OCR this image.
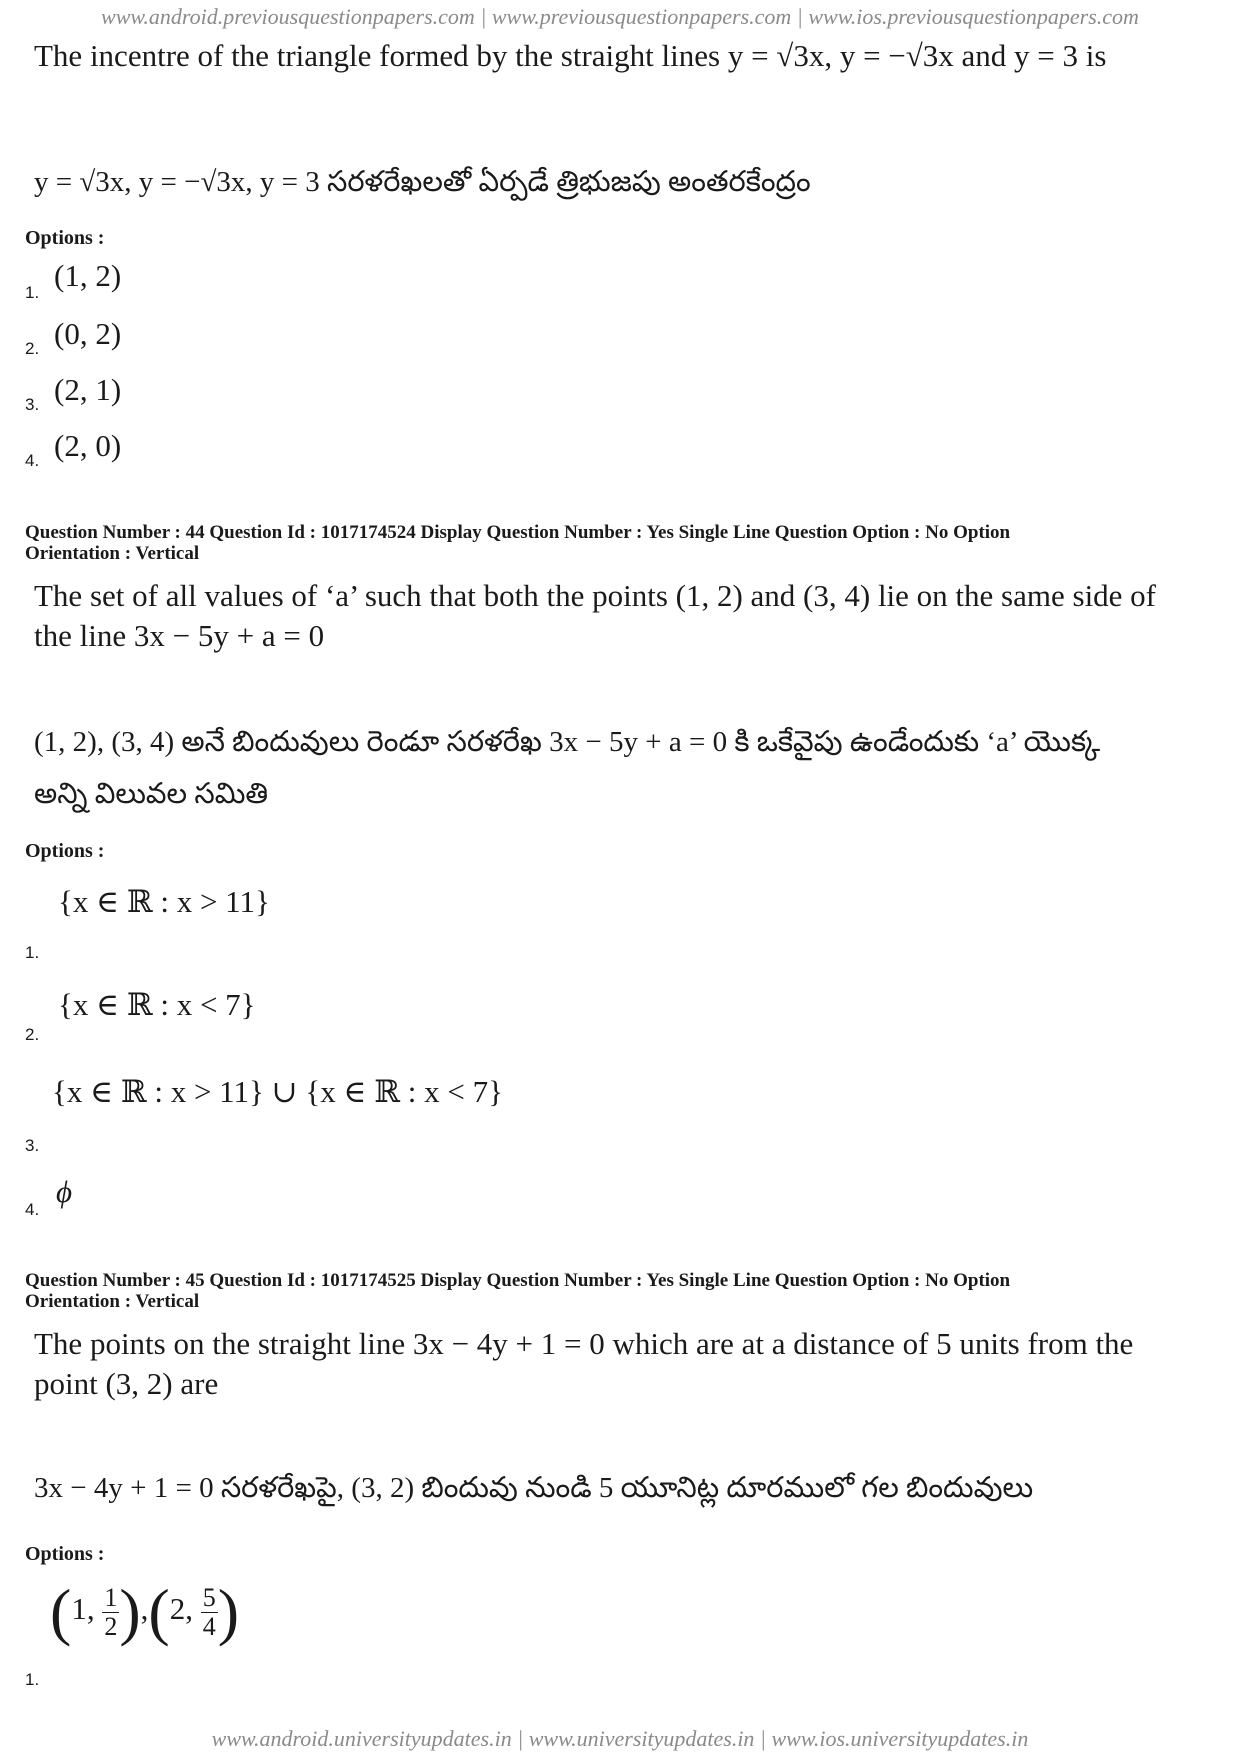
www.android.previousquestionpapers.com | www.previousquestionpapers.com | www.ios.previousquestionpapers.com
The incentre of the triangle formed by the straight lines y = √3x, y = −√3x and y = 3 is
y = √3x, y = −√3x, y = 3 సరళరేఖలతో ఏర్పడే త్రిభుజపు అంతరకేంద్రం
Options :
1. (1, 2)
2. (0, 2)
3. (2, 1)
4. (2, 0)
Question Number : 44 Question Id : 1017174524 Display Question Number : Yes Single Line Question Option : No Option
Orientation : Vertical
The set of all values of ‘a’ such that both the points (1, 2) and (3, 4) lie on the same side of
the line 3x − 5y + a = 0
(1, 2), (3, 4) అనే బిందువులు రెండూ సరళరేఖ 3x − 5y + a = 0 కి ఒకేవైపు ఉండేందుకు ‘a’ యొక్క
అన్ని విలువల సమితి
Options :
{x ∈ ℝ : x > 11}
1.
{x ∈ ℝ : x < 7}
2.
{x ∈ ℝ : x > 11} ∪ {x ∈ ℝ : x < 7}
3.
ϕ
4.
Question Number : 45 Question Id : 1017174525 Display Question Number : Yes Single Line Question Option : No Option
Orientation : Vertical
The points on the straight line 3x − 4y + 1 = 0 which are at a distance of 5 units from the
point (3, 2) are
3x − 4y + 1 = 0 సరళరేఖపై, (3, 2) బిందువు నుండి 5 యూనిట్ల దూరములో గల బిందువులు
Options :
(1, $\frac{1}{2} ),(2$, $\frac{5}{4}$ )
1.
www.android.universityupdates.in | www.universityupdates.in | www.ios.universityupdates.in
